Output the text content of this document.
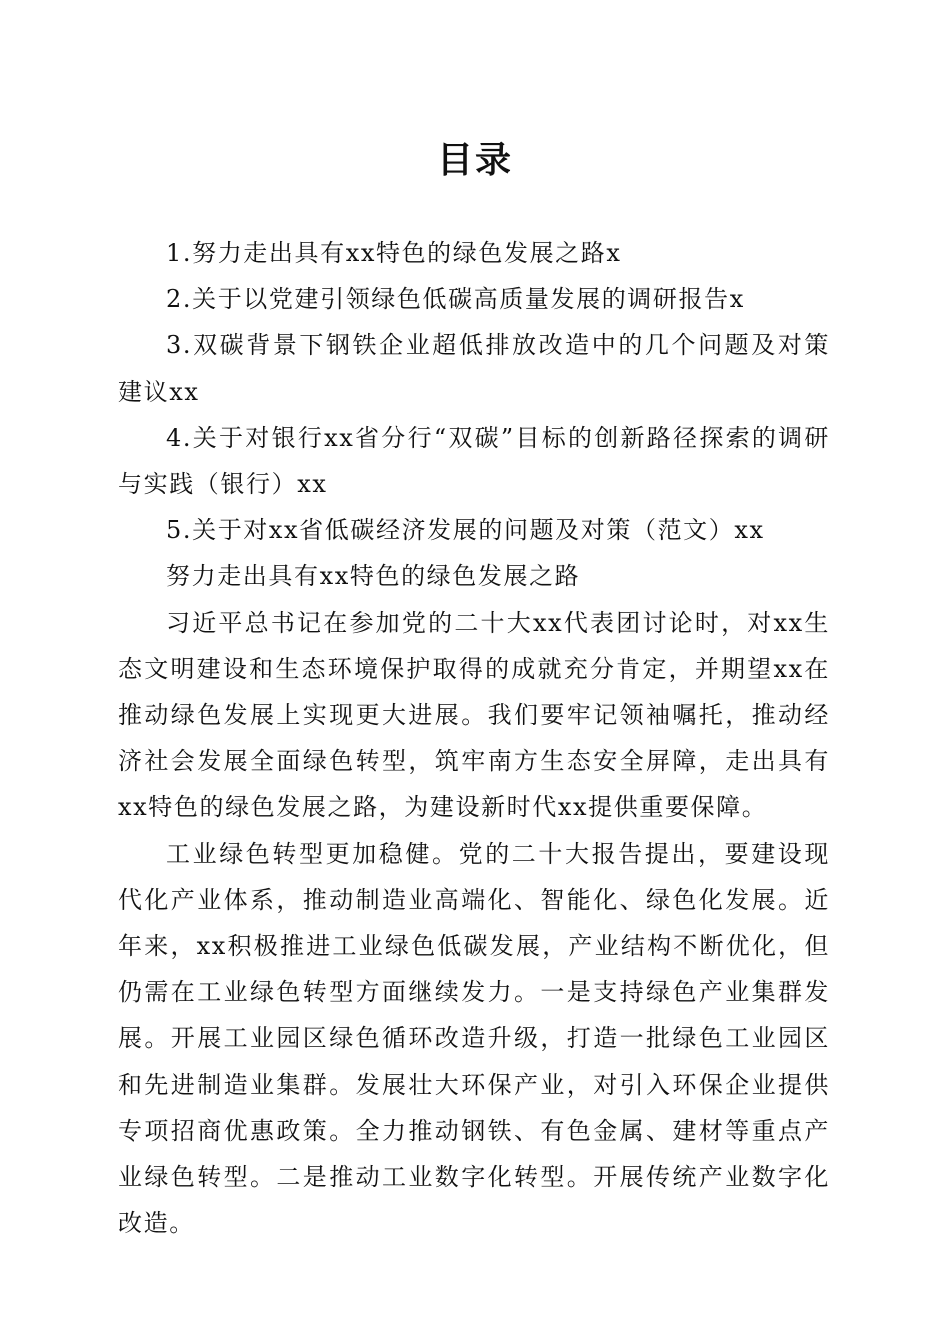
目录

1.努力走出具有xx特色的绿色发展之路x

2.关于以党建引领绿色低碳高质量发展的调研报告x

3.双碳背景下钢铁企业超低排放改造中的几个问题及对策建议xx

4.关于对银行xx省分行“双碳”目标的创新路径探索的调研与实践（银行）xx

5.关于对xx省低碳经济发展的问题及对策（范文）xx

努力走出具有xx特色的绿色发展之路

习近平总书记在参加党的二十大xx代表团讨论时，对xx生态文明建设和生态环境保护取得的成就充分肯定，并期望xx在推动绿色发展上实现更大进展。我们要牢记领袖嘱托，推动经济社会发展全面绿色转型，筑牢南方生态安全屏障，走出具有xx特色的绿色发展之路，为建设新时代xx提供重要保障。

工业绿色转型更加稳健。党的二十大报告提出，要建设现代化产业体系，推动制造业高端化、智能化、绿色化发展。近年来，xx积极推进工业绿色低碳发展，产业结构不断优化，但仍需在工业绿色转型方面继续发力。一是支持绿色产业集群发展。开展工业园区绿色循环改造升级，打造一批绿色工业园区和先进制造业集群。发展壮大环保产业，对引入环保企业提供专项招商优惠政策。全力推动钢铁、有色金属、建材等重点产业绿色转型。二是推动工业数字化转型。开展传统产业数字化改造。
